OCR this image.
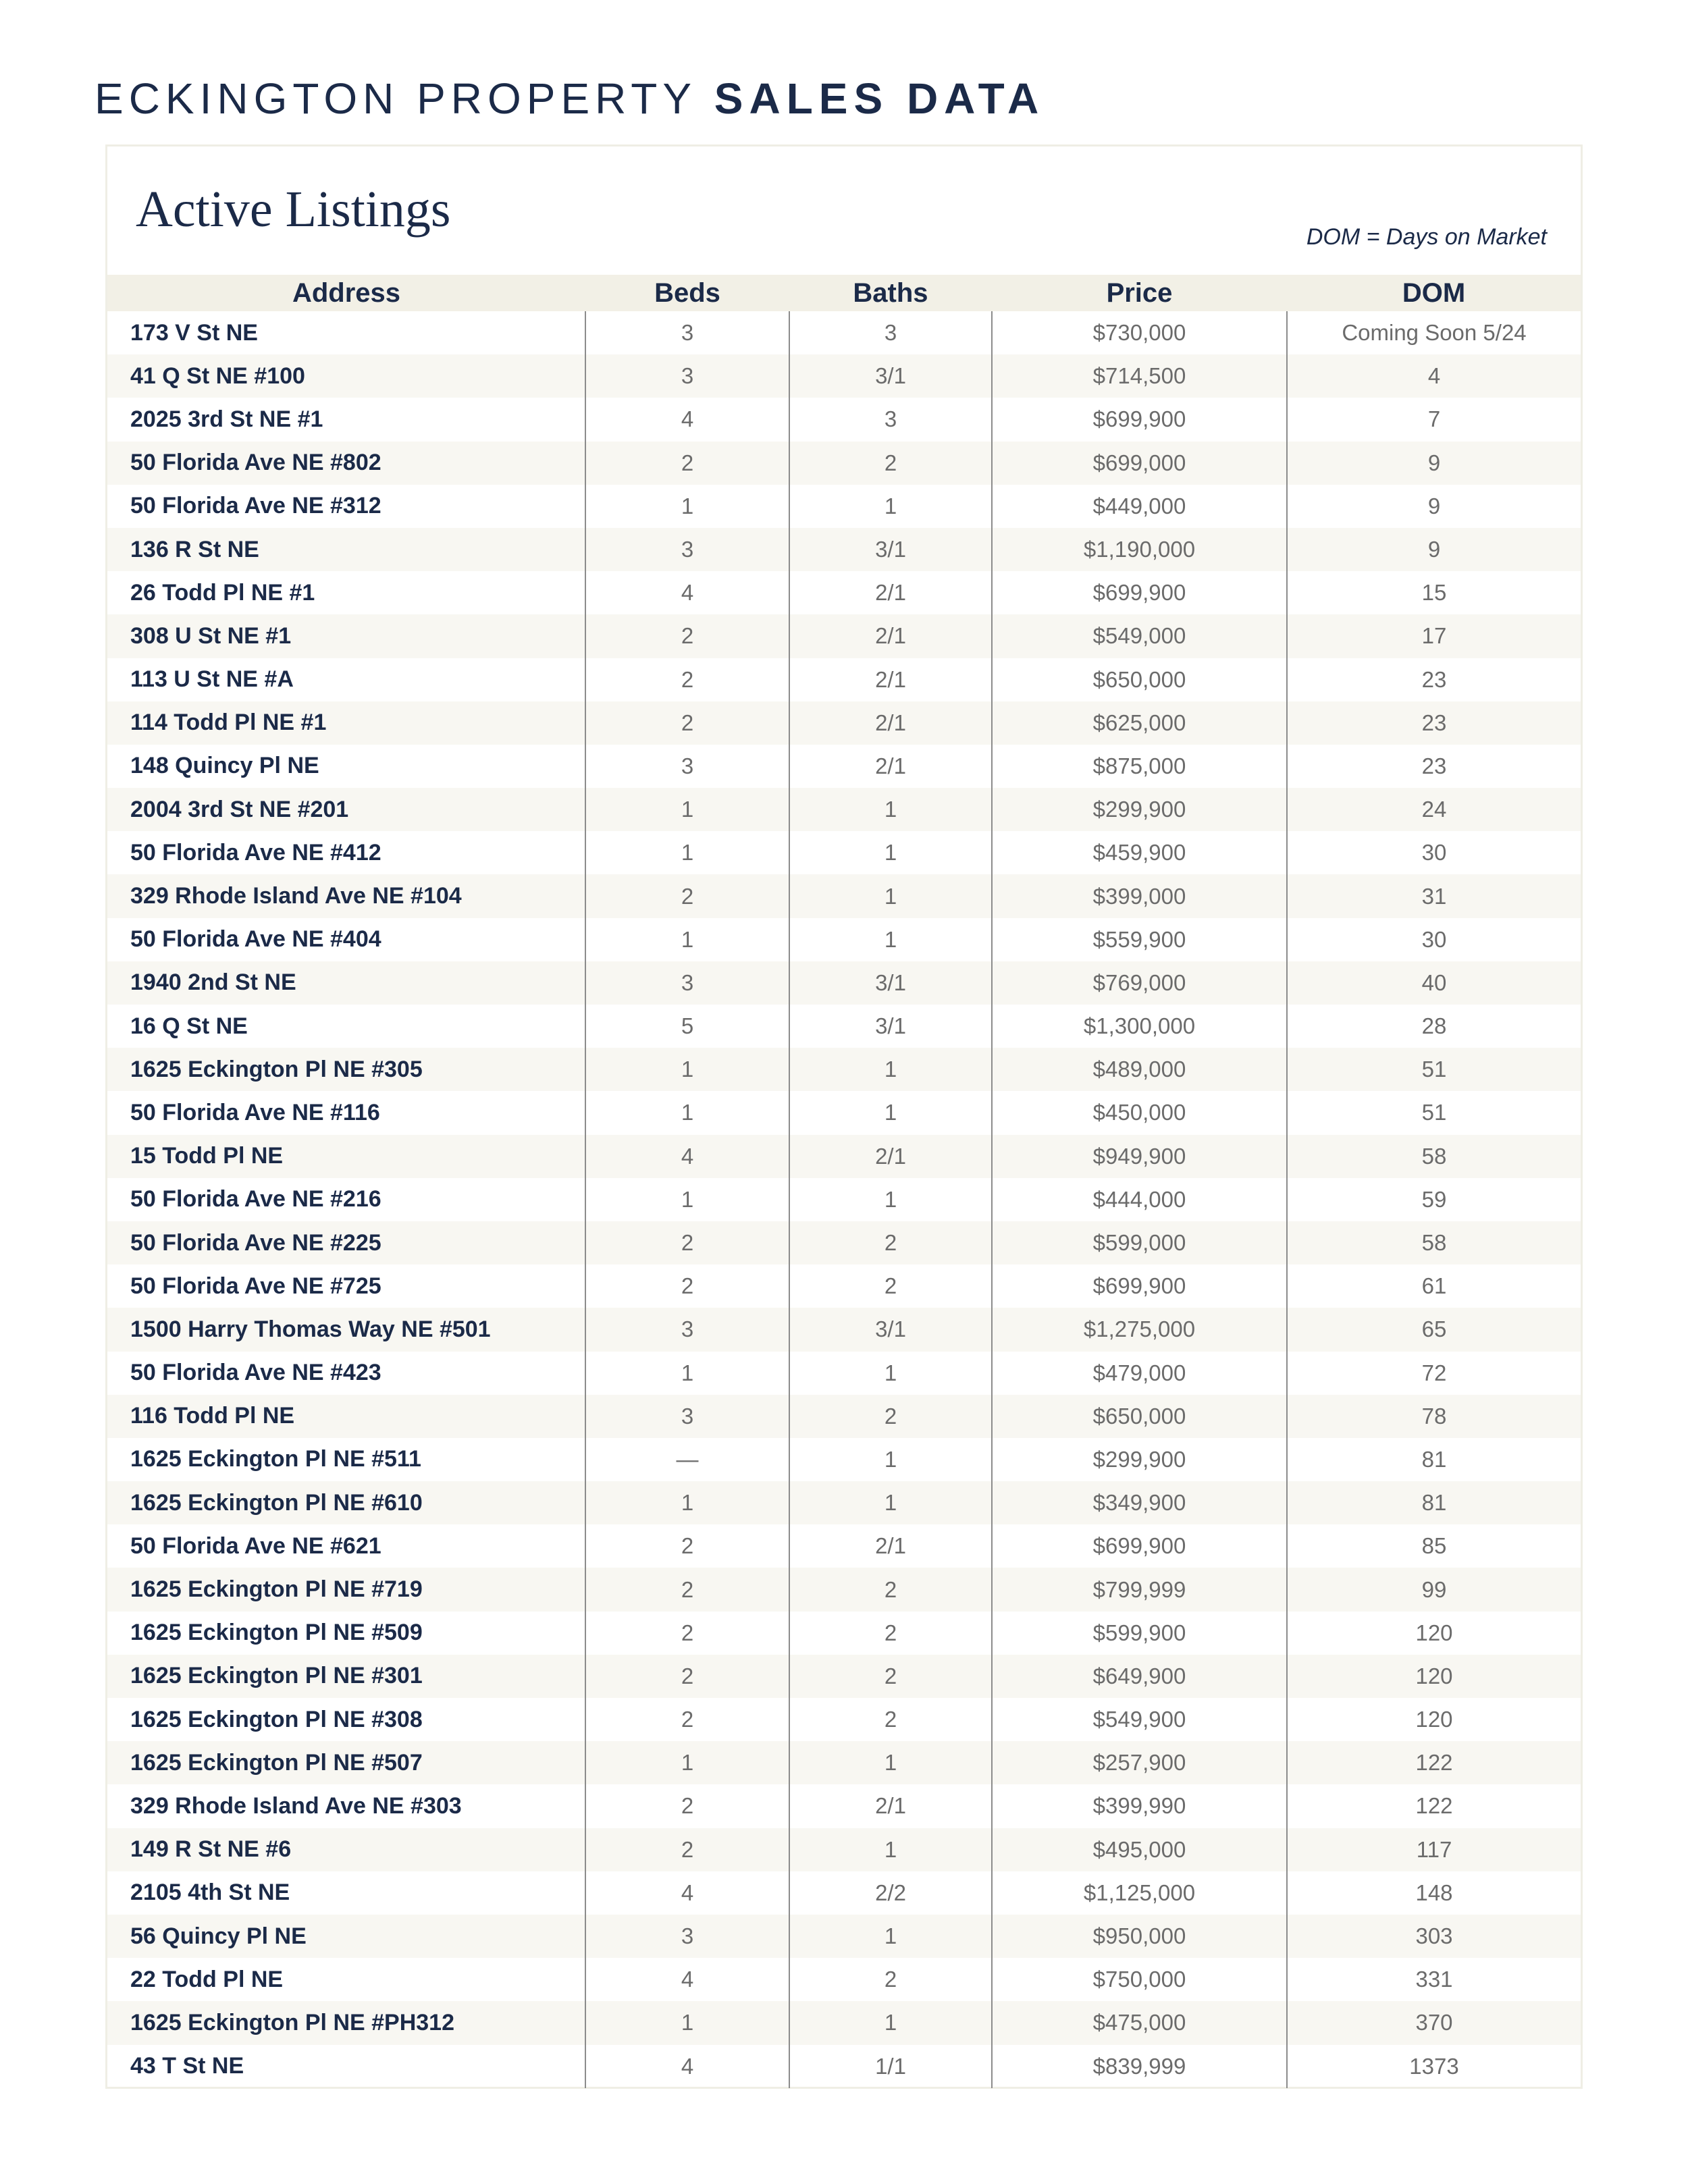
ECKINGTON PROPERTY SALES DATA
Active Listings	DOM = Days on Market
Address	Beds	Baths	Price	DOM
173 V St NE	3	3	$730,000	Coming Soon 5/24
41 Q St NE #100	3	3/1	$714,500	4
2025 3rd St NE #1	4	3	$699,900	7
50 Florida Ave NE #802	2	2	$699,000	9
50 Florida Ave NE #312	1	1	$449,000	9
136 R St NE	3	3/1	$1,190,000	9
26 Todd Pl NE #1	4	2/1	$699,900	15
308 U St NE #1	2	2/1	$549,000	17
113 U St NE #A	2	2/1	$650,000	23
114 Todd Pl NE #1	2	2/1	$625,000	23
148 Quincy Pl NE	3	2/1	$875,000	23
2004 3rd St NE #201	1	1	$299,900	24
50 Florida Ave NE #412	1	1	$459,900	30
329 Rhode Island Ave NE #104	2	1	$399,000	31
50 Florida Ave NE #404	1	1	$559,900	30
1940 2nd St NE	3	3/1	$769,000	40
16 Q St NE	5	3/1	$1,300,000	28
1625 Eckington Pl NE #305	1	1	$489,000	51
50 Florida Ave NE #116	1	1	$450,000	51
15 Todd Pl NE	4	2/1	$949,900	58
50 Florida Ave NE #216	1	1	$444,000	59
50 Florida Ave NE #225	2	2	$599,000	58
50 Florida Ave NE #725	2	2	$699,900	61
1500 Harry Thomas Way NE #501	3	3/1	$1,275,000	65
50 Florida Ave NE #423	1	1	$479,000	72
116 Todd Pl NE	3	2	$650,000	78
1625 Eckington Pl NE #511	—	1	$299,900	81
1625 Eckington Pl NE #610	1	1	$349,900	81
50 Florida Ave NE #621	2	2/1	$699,900	85
1625 Eckington Pl NE #719	2	2	$799,999	99
1625 Eckington Pl NE #509	2	2	$599,900	120
1625 Eckington Pl NE #301	2	2	$649,900	120
1625 Eckington Pl NE #308	2	2	$549,900	120
1625 Eckington Pl NE #507	1	1	$257,900	122
329 Rhode Island Ave NE #303	2	2/1	$399,990	122
149 R St NE #6	2	1	$495,000	117
2105 4th St NE	4	2/2	$1,125,000	148
56 Quincy Pl NE	3	1	$950,000	303
22 Todd Pl NE	4	2	$750,000	331
1625 Eckington Pl NE #PH312	1	1	$475,000	370
43 T St NE	4	1/1	$839,999	1373
